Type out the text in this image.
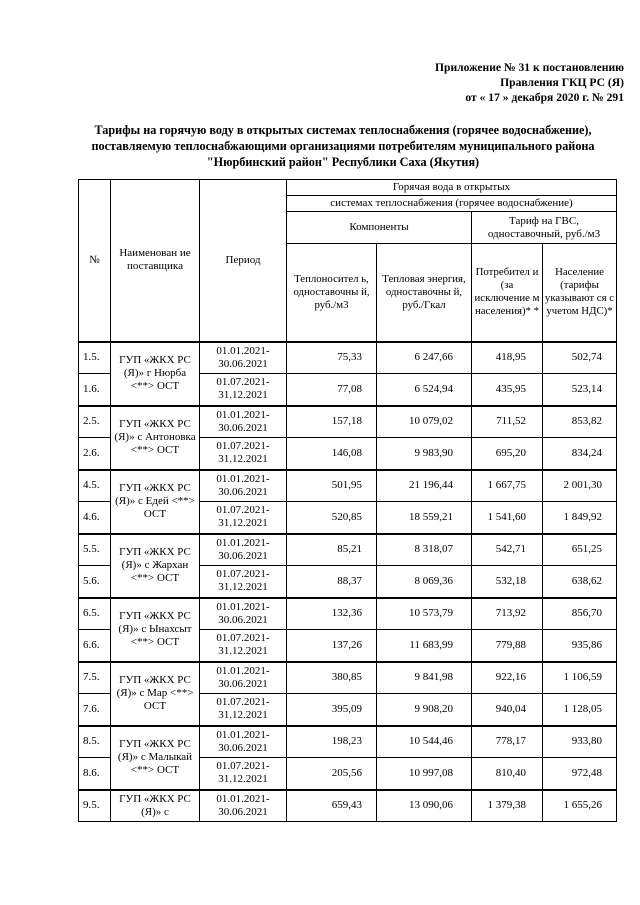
Приложение № 31 к постановлению
Правления ГКЦ РС (Я)
от « 17 » декабря 2020 г. № 291
Тарифы на горячую воду в открытых системах теплоснабжения (горячее водоснабжение),
поставляемую теплоснабжающими организациями потребителям муниципального района
"Нюрбинский район" Республики Саха (Якутия)
№	Наименован ие поставщика	Период	Горячая вода в открытых			
			системах теплоснабжения (горячее водоснабжение)			
			Компоненты		Тариф на ГВС,
одноставочный, руб./м3	

			Теплоносител ь, одноставочны й, руб./м3	Тепловая энергия, одноставочны й, руб./Гкал	Потребител и (за исключение м населения)* *	Население (тарифы указывают ся с учетом НДС)*
1.5.	ГУП «ЖКХ РС (Я)» г Нюрба <**> ОСТ	01.01.2021-30.06.2021	75,33	6 247,66	418,95	502,74
1.6.		01.07.2021-31.12.2021	77,08	6 524,94	435,95	523,14
2.5.	ГУП «ЖКХ РС (Я)» с Антоновка <**> ОСТ	01.01.2021-30.06.2021	157,18	10 079,02	711,52	853,82
2.6.		01.07.2021-31.12.2021	146,08	9 983,90	695,20	834,24
4.5.	ГУП «ЖКХ РС (Я)» с Едей <**> ОСТ	01.01.2021-30.06.2021	501,95	21 196,44	1 667,75	2 001,30
4.6.		01.07.2021-31.12.2021	520,85	18 559,21	1 541,60	1 849,92
5.5.	ГУП «ЖКХ РС (Я)» с Жархан <**> ОСТ	01.01.2021-30.06.2021	85,21	8 318,07	542,71	651,25
5.6.		01.07.2021-31.12.2021	88,37	8 069,36	532,18	638,62
6.5.	ГУП «ЖКХ РС (Я)» с Ынахсыт <**> ОСТ	01.01.2021-30.06.2021	132,36	10 573,79	713,92	856,70
6.6.		01.07.2021-31.12.2021	137,26	11 683,99	779,88	935,86
7.5.	ГУП «ЖКХ РС (Я)» с Мар <**> ОСТ	01.01.2021-30.06.2021	380,85	9 841,98	922,16	1 106,59
7.6.		01.07.2021-31.12.2021	395,09	9 908,20	940,04	1 128,05
8.5.	ГУП «ЖКХ РС (Я)» с Малыкай <**> ОСТ	01.01.2021-30.06.2021	198,23	10 544,46	778,17	933,80
8.6.		01.07.2021-31.12.2021	205,56	10 997,08	810,40	972,48
9.5.	ГУП «ЖКХ РС (Я)» с	01.01.2021-30.06.2021	659,43	13 090,06	1 379,38	1 655,26
